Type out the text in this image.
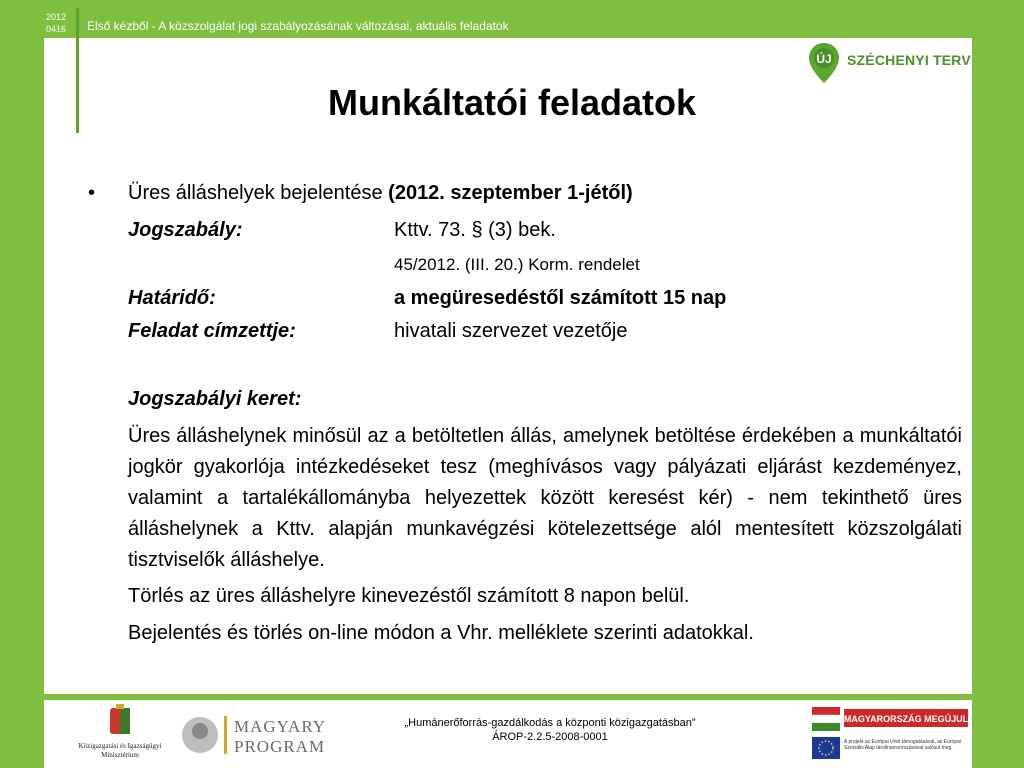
2012
0416 Első kézből - A közszolgálat jogi szabályozásának változásai, aktuális feladatok
ÚJ SZÉCHENYI TERV
Munkáltatói feladatok
• Üres álláshelyek bejelentése (2012. szeptember 1-jétől)
Jogszabály:	Kttv. 73. § (3) bek.
45/2012. (III. 20.) Korm. rendelet
Határidő:	a megüresedéstől számított 15 nap
Feladat címzettje:	hivatali szervezet vezetője
Jogszabályi keret:
Üres álláshelynek minősül az a betöltetlen állás, amelynek betöltése érdekében a munkáltatói jogkör gyakorlója intézkedéseket tesz (meghívásos vagy pályázati eljárást kezdeményez, valamint a tartalékállományba helyezettek között keresést kér) - nem tekinthető üres álláshelynek a Kttv. alapján munkavégzési kötelezettsége alól mentesített közszolgálati tisztviselők álláshelye.
Törlés az üres álláshelyre kinevezéstől számított 8 napon belül.
Bejelentés és törlés on-line módon a Vhr. melléklete szerinti adatokkal.
Közigazgatási és Igazságügyi
Minisztérium
MAGYARY
PROGRAM
„Humánerőforrás-gazdálkodás a központi közigazgatásban”
ÁROP-2.2.5-2008-0001
MAGYARORSZÁG MEGÚJUL
A projekt az Európai Unió támogatásával, az Európai Szociális Alap társfinanszírozásával valósul meg.
